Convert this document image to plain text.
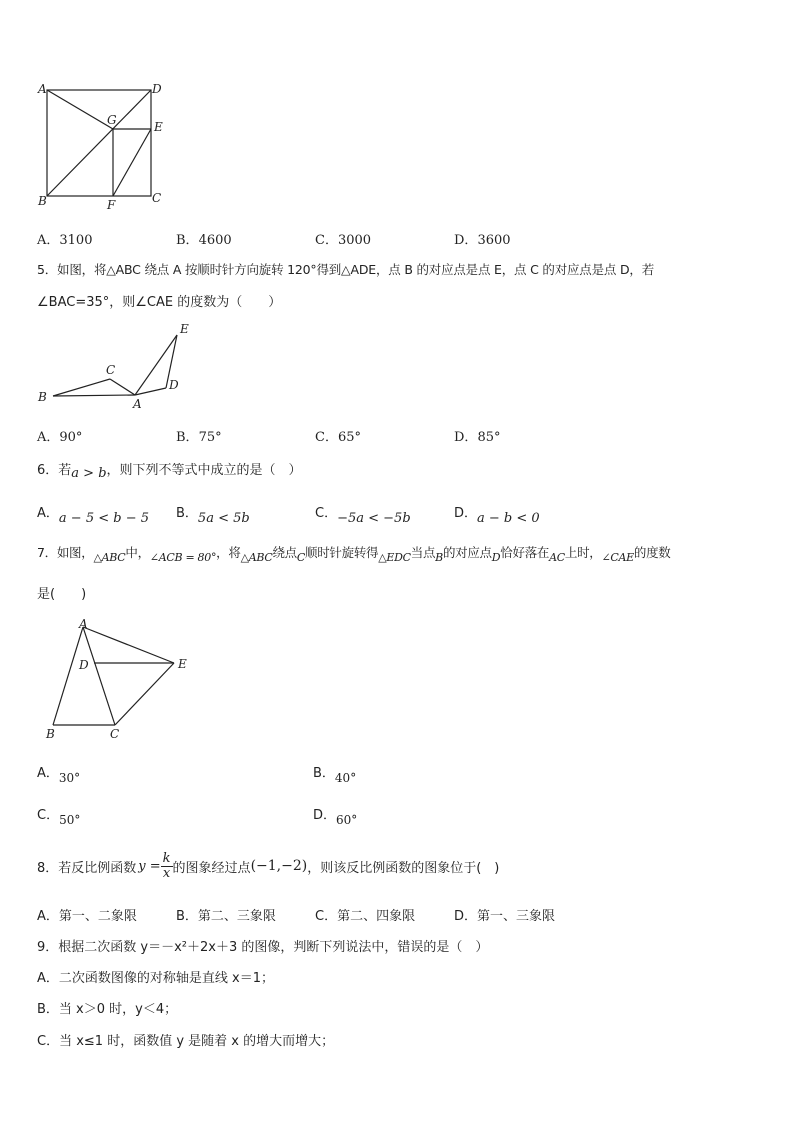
A	D
G	E
B	F	C
A．3100	B．4600	C．3000	D．3600
5．如图，将△ABC 绕点 A 按顺时针方向旋转 120°得到△ADE，点 B 的对应点是点 E，点 C 的对应点是点 D，若
∠BAC=35°，则∠CAE 的度数为（　　）
B
C
A
D
E
A．90°	B．75°	C．65°	D．85°
6．若a > b，则下列不等式中成立的是（　）
A．a − 5 < b − 5 B．5a < 5b	C．−5a < −5b	D．a − b < 0
7．如图，△ABC中，∠ACB = 80°，将△ABC绕点C顺时针旋转得△EDC当点B的对应点D恰好落在AC上时，∠CAE的度数
是(　　)
A
D	E
B	C
A．30°	B．40°
C．50°	D．60°
8．若反比例函数 $y = \frac{k}{x}$ 的图象经过点 (−1,−2) ，则该反比例函数的图象位于(　)
A．第一、二象限	B．第二、三象限	C．第二、四象限	D．第一、三象限
9．根据二次函数 y＝－x²＋2x＋3 的图像，判断下列说法中，错误的是（　）
A．二次函数图像的对称轴是直线 x＝1；
B．当 x＞0 时，y＜4；
C．当 x≤1 时，函数值 y 是随着 x 的增大而增大；
